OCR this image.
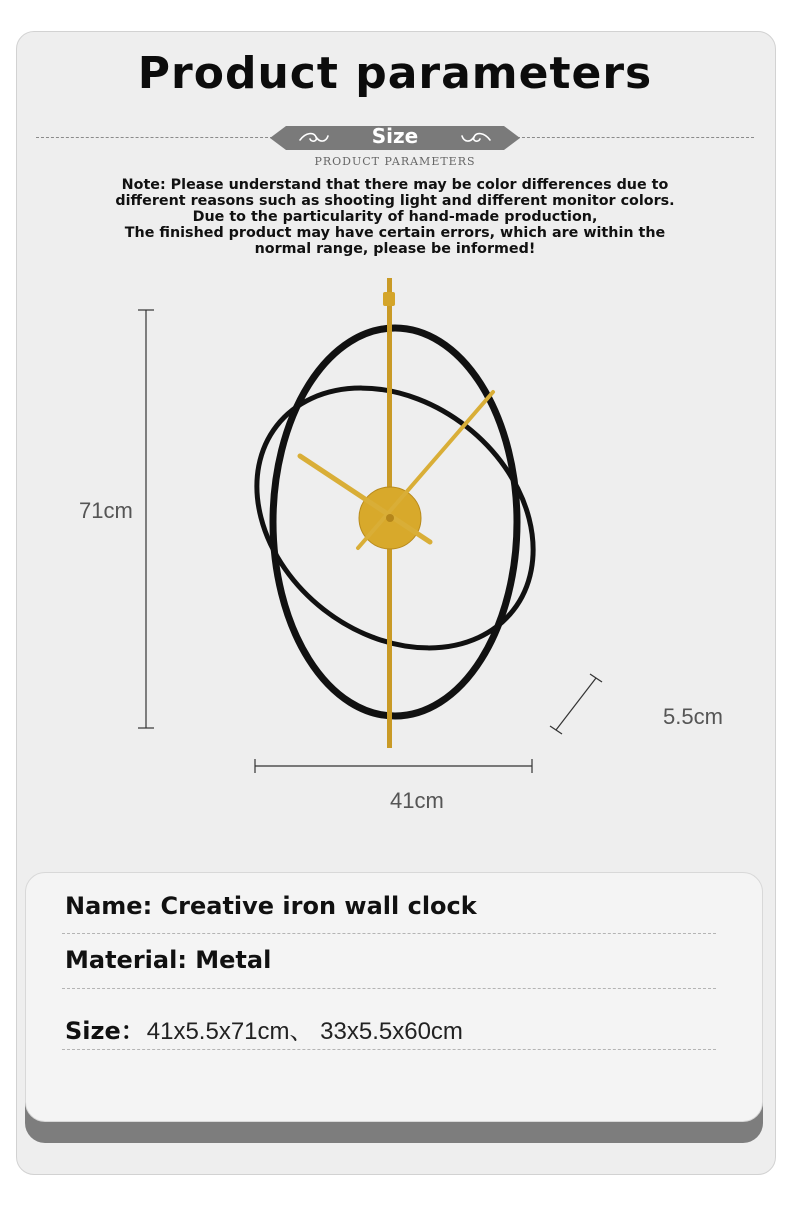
Product parameters
Size
PRODUCT PARAMETERS
Note: Please understand that there may be color differences due to
different reasons such as shooting light and different monitor colors.
Due to the particularity of hand-made production,
The finished product may have certain errors, which are within the
normal range, please be informed!
71cm
5.5cm
41cm
Name: Creative iron wall clock
Material: Metal
Size：41x5.5x71cm、 33x5.5x60cm
